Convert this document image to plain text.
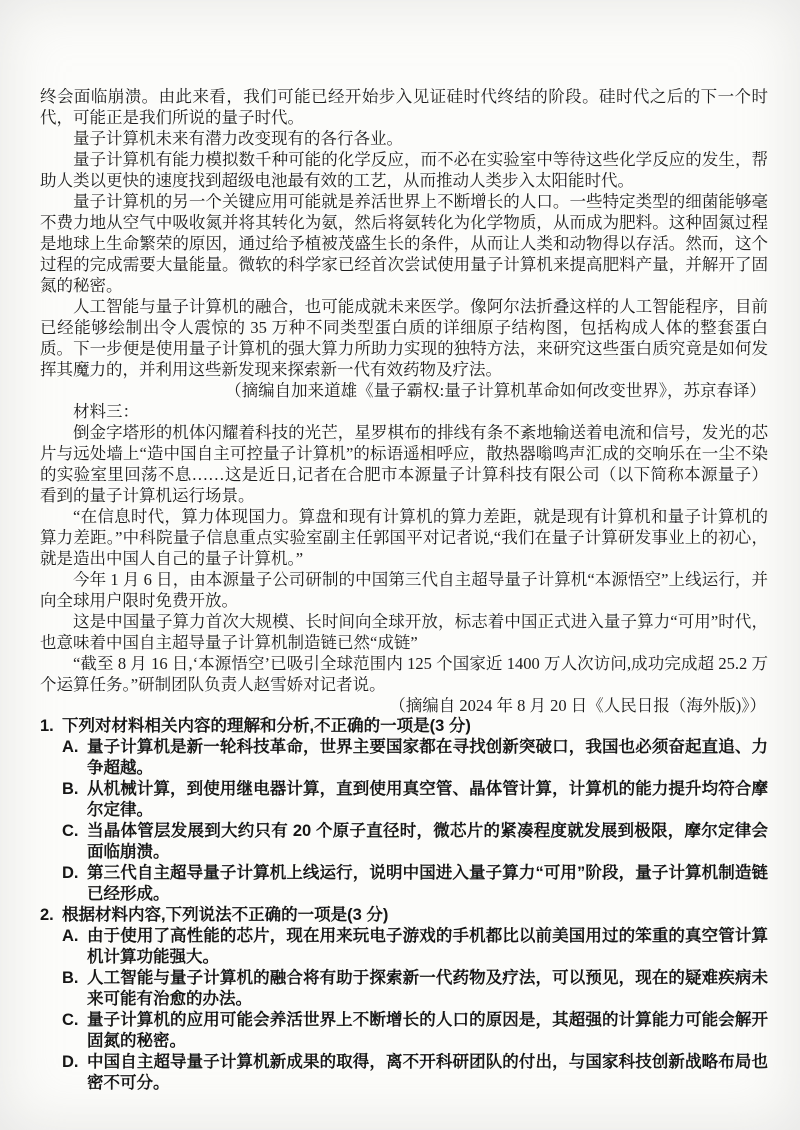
终会面临崩溃。由此来看，我们可能已经开始步入见证硅时代终结的阶段。硅时代之后的下一个时代，可能正是我们所说的量子时代。

量子计算机未来有潜力改变现有的各行各业。

量子计算机有能力模拟数千种可能的化学反应，而不必在实验室中等待这些化学反应的发生，帮助人类以更快的速度找到超级电池最有效的工艺，从而推动人类步入太阳能时代。

量子计算机的另一个关键应用可能就是养活世界上不断增长的人口。一些特定类型的细菌能够毫不费力地从空气中吸收氮并将其转化为氨，然后将氨转化为化学物质，从而成为肥料。这种固氮过程是地球上生命繁荣的原因，通过给予植被茂盛生长的条件，从而让人类和动物得以存活。然而，这个过程的完成需要大量能量。微软的科学家已经首次尝试使用量子计算机来提高肥料产量，并解开了固氮的秘密。

人工智能与量子计算机的融合，也可能成就未来医学。像阿尔法折叠这样的人工智能程序，目前已经能够绘制出令人震惊的 35 万种不同类型蛋白质的详细原子结构图，包括构成人体的整套蛋白质。下一步便是使用量子计算机的强大算力所助力实现的独特方法，来研究这些蛋白质究竟是如何发挥其魔力的，并利用这些新发现来探索新一代有效药物及疗法。

（摘编自加来道雄《量子霸权:量子计算机革命如何改变世界》，苏京春译）

材料三：

倒金字塔形的机体闪耀着科技的光芒，星罗棋布的排线有条不紊地输送着电流和信号，发光的芯片与远处墙上“造中国自主可控量子计算机”的标语遥相呼应，散热器嗡鸣声汇成的交响乐在一尘不染的实验室里回荡不息……这是近日,记者在合肥市本源量子计算科技有限公司（以下简称本源量子）看到的量子计算机运行场景。

“在信息时代，算力体现国力。算盘和现有计算机的算力差距，就是现有计算机和量子计算机的算力差距。”中科院量子信息重点实验室副主任郭国平对记者说,“我们在量子计算研发事业上的初心，就是造出中国人自己的量子计算机。”

今年 1 月 6 日，由本源量子公司研制的中国第三代自主超导量子计算机“本源悟空”上线运行，并向全球用户限时免费开放。

这是中国量子算力首次大规模、长时间向全球开放，标志着中国正式进入量子算力“可用”时代，也意味着中国自主超导量子计算机制造链已然“成链”

“截至 8 月 16 日,‘本源悟空’已吸引全球范围内 125 个国家近 1400 万人次访问,成功完成超 25.2 万个运算任务。”研制团队负责人赵雪娇对记者说。

（摘编自 2024 年 8 月 20 日《人民日报（海外版)》）

1. 下列对材料相关内容的理解和分析,不正确的一项是(3 分)
A. 量子计算机是新一轮科技革命，世界主要国家都在寻找创新突破口，我国也必须奋起直追、力争超越。
B. 从机械计算，到使用继电器计算，直到使用真空管、晶体管计算，计算机的能力提升均符合摩尔定律。
C. 当晶体管层发展到大约只有 20 个原子直径时，微芯片的紧凑程度就发展到极限，摩尔定律会面临崩溃。
D. 第三代自主超导量子计算机上线运行，说明中国进入量子算力“可用”阶段，量子计算机制造链已经形成。
2. 根据材料内容,下列说法不正确的一项是(3 分)
A. 由于使用了高性能的芯片，现在用来玩电子游戏的手机都比以前美国用过的笨重的真空管计算机计算功能强大。
B. 人工智能与量子计算机的融合将有助于探索新一代药物及疗法，可以预见，现在的疑难疾病未来可能有治愈的办法。
C. 量子计算机的应用可能会养活世界上不断增长的人口的原因是，其超强的计算能力可能会解开固氮的秘密。
D. 中国自主超导量子计算机新成果的取得，离不开科研团队的付出，与国家科技创新战略布局也密不可分。
